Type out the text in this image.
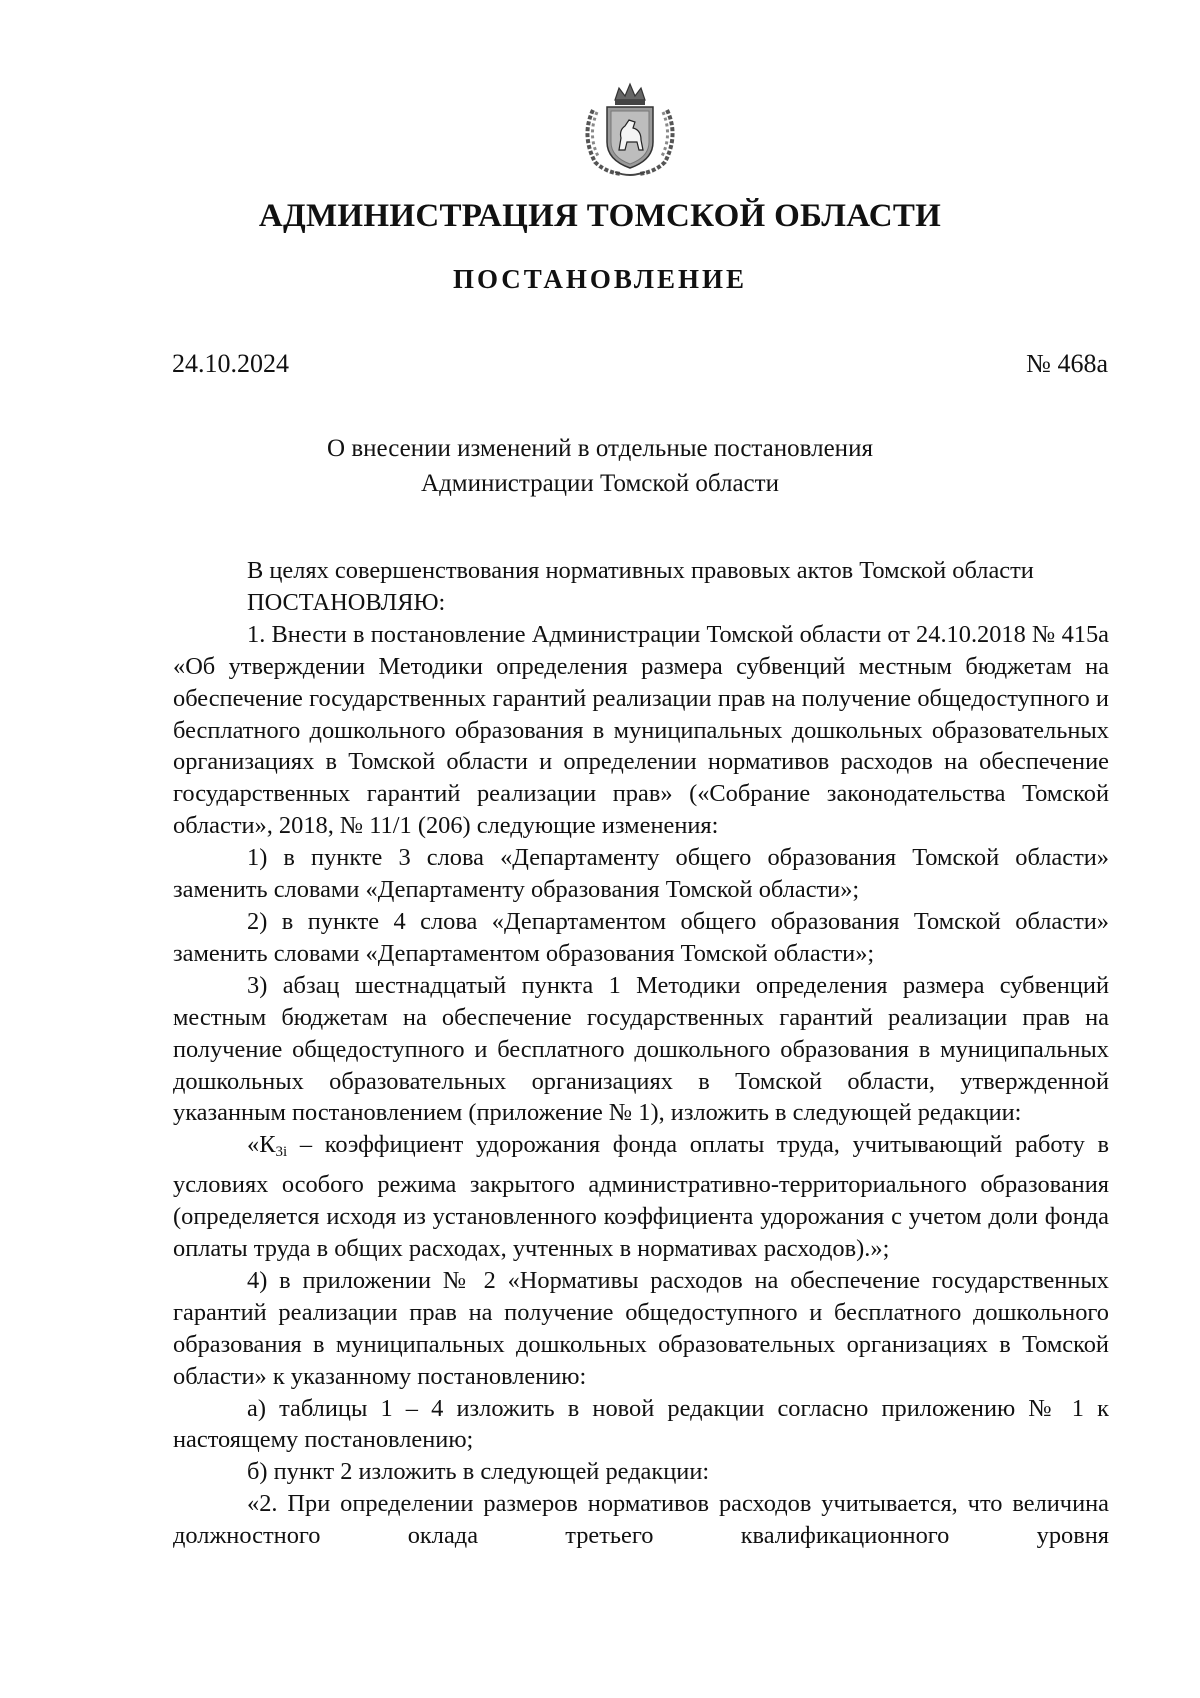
АДМИНИСТРАЦИЯ ТОМСКОЙ ОБЛАСТИ
ПОСТАНОВЛЕНИЕ
24.10.2024	№ 468а
О внесении изменений в отдельные постановления
Администрации Томской области

В целях совершенствования нормативных правовых актов Томской области

ПОСТАНОВЛЯЮ:

1. Внести в постановление Администрации Томской области от 24.10.2018 № 415а «Об утверждении Методики определения размера субвенций местным бюджетам на обеспечение государственных гарантий реализации прав на получение общедоступного и бесплатного дошкольного образования в муниципальных дошкольных образовательных организациях в Томской области и определении нормативов расходов на обеспечение государственных гарантий реализации прав» («Собрание законодательства Томской области», 2018, № 11/1 (206) следующие изменения:

1) в пункте 3 слова «Департаменту общего образования Томской области» заменить словами «Департаменту образования Томской области»;

2) в пункте 4 слова «Департаментом общего образования Томской области» заменить словами «Департаментом образования Томской области»;

3) абзац шестнадцатый пункта 1 Методики определения размера субвенций местным бюджетам на обеспечение государственных гарантий реализации прав на получение общедоступного и бесплатного дошкольного образования в муниципальных дошкольных образовательных организациях в Томской области, утвержденной указанным постановлением (приложение № 1), изложить в следующей редакции:

«$К_{3i}$ – коэффициент удорожания фонда оплаты труда, учитывающий работу в условиях особого режима закрытого административно-территориального образования (определяется исходя из установленного коэффициента удорожания с учетом доли фонда оплаты труда в общих расходах, учтенных в нормативах расходов).»;

4) в приложении № 2 «Нормативы расходов на обеспечение государственных гарантий реализации прав на получение общедоступного и бесплатного дошкольного образования в муниципальных дошкольных образовательных организациях в Томской области» к указанному постановлению:

а) таблицы 1 – 4 изложить в новой редакции согласно приложению № 1 к настоящему постановлению;

б) пункт 2 изложить в следующей редакции:

«2. При определении размеров нормативов расходов учитывается, что величина должностного оклада третьего квалификационного уровня
